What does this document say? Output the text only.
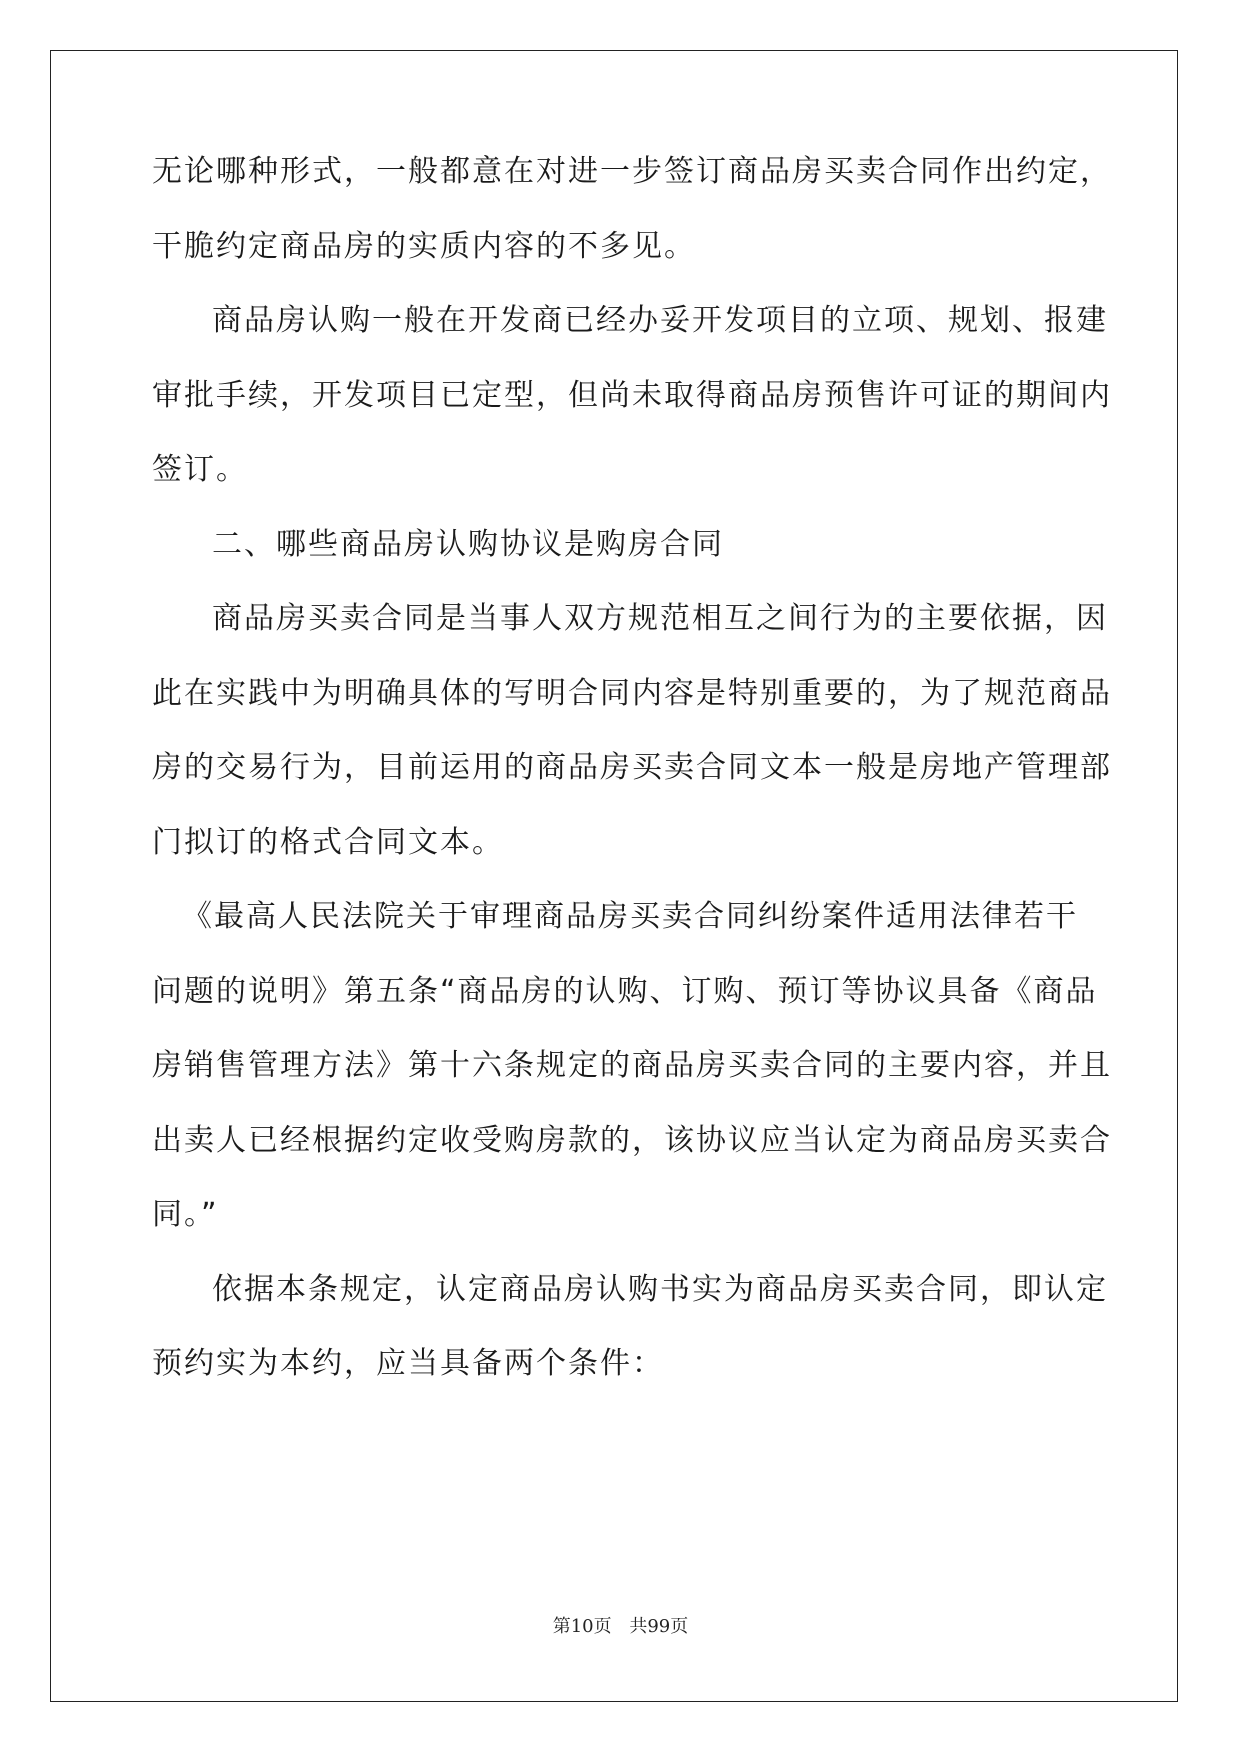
无论哪种形式，一般都意在对进一步签订商品房买卖合同作出约定，
干脆约定商品房的实质内容的不多见。
商品房认购一般在开发商已经办妥开发项目的立项、规划、报建
审批手续，开发项目已定型，但尚未取得商品房预售许可证的期间内
签订。
二、哪些商品房认购协议是购房合同
商品房买卖合同是当事人双方规范相互之间行为的主要依据，因
此在实践中为明确具体的写明合同内容是特别重要的，为了规范商品
房的交易行为，目前运用的商品房买卖合同文本一般是房地产管理部
门拟订的格式合同文本。
《最高人民法院关于审理商品房买卖合同纠纷案件适用法律若干
问题的说明》第五条“商品房的认购、订购、预订等协议具备《商品
房销售管理方法》第十六条规定的商品房买卖合同的主要内容，并且
出卖人已经根据约定收受购房款的，该协议应当认定为商品房买卖合
同。”
依据本条规定，认定商品房认购书实为商品房买卖合同，即认定
预约实为本约，应当具备两个条件：
第10页 共99页
